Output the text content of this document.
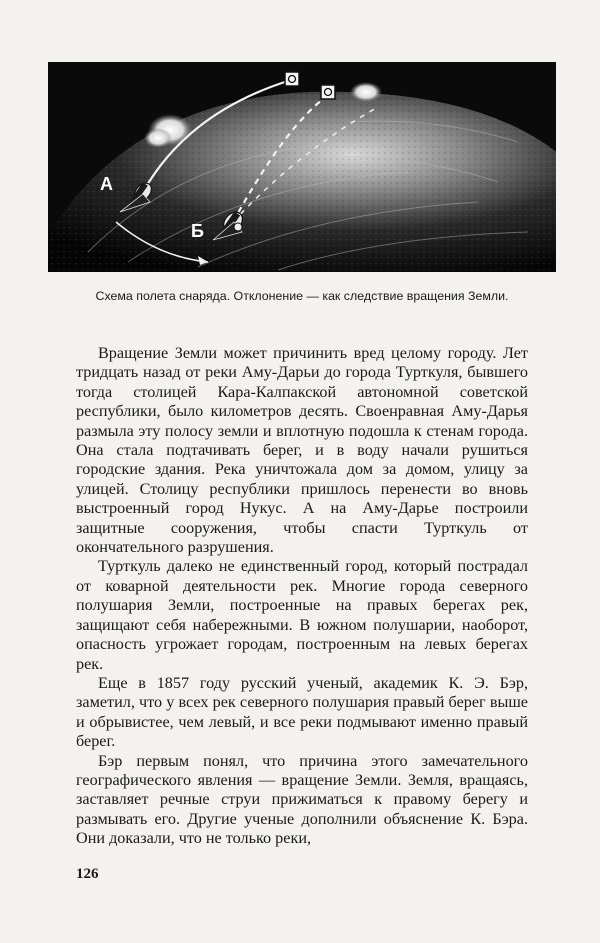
А
Б
Схема полета снаряда. Отклонение — как следствие вращения Земли.

Вращение Земли может причинить вред целому городу. Лет тридцать назад от реки Аму-Дарьи до города Турткуля, бывшего тогда столицей Кара-Калпакской автономной советской республики, было километров десять. Своенравная Аму-Дарья размыла эту полосу земли и вплотную подошла к стенам города. Она стала подтачивать берег, и в воду начали рушиться городские здания. Река уничтожала дом за домом, улицу за улицей. Столицу республики пришлось перенести во вновь выстроенный город Нукус. А на Аму-Дарье построили защитные сооружения, чтобы спасти Турткуль от окончательного разрушения.

Турткуль далеко не единственный город, который пострадал от коварной деятельности рек. Многие города северного полушария Земли, построенные на правых берегах рек, защищают себя набережными. В южном полушарии, наоборот, опасность угрожает городам, построенным на левых берегах рек.

Еще в 1857 году русский ученый, академик К. Э. Бэр, заметил, что у всех рек северного полушария правый берег выше и обрывистее, чем левый, и все реки подмывают именно правый берег.

Бэр первым понял, что причина этого замечательного географического явления — вращение Земли. Земля, вращаясь, заставляет речные струи прижиматься к правому берегу и размывать его. Другие ученые дополнили объяснение К. Бэра. Они доказали, что не только реки,

126
